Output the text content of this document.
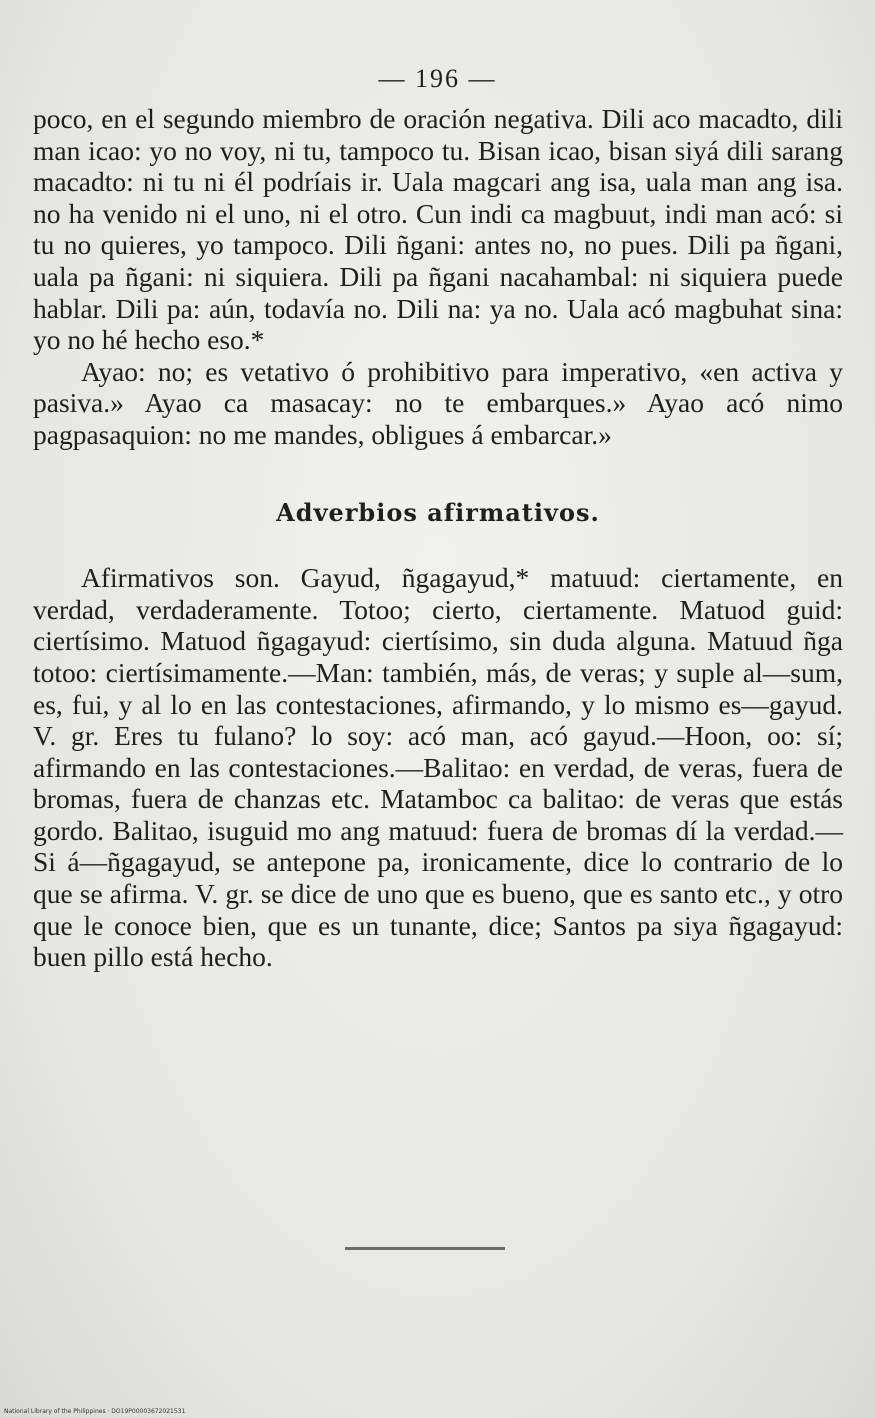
— 196 —

poco, en el segundo miembro de oración negativa. Dili aco macadto, dili man icao: yo no voy, ni tu, tampoco tu. Bisan icao, bisan siyá dili sarang macadto: ni tu ni él podríais ir. Uala magcari ang isa, uala man ang isa. no ha venido ni el uno, ni el otro. Cun indi ca magbuut, indi man acó: si tu no quieres, yo tampoco. Dili ñgani: antes no, no pues. Dili pa ñgani, uala pa ñgani: ni siquiera. Dili pa ñgani nacahambal: ni siquiera puede hablar. Dili pa: aún, todavía no. Dili na: ya no. Uala acó magbuhat sina: yo no hé hecho eso.*

Ayao: no; es vetativo ó prohibitivo para imperativo, «en activa y pasiva.» Ayao ca masacay: no te embarques.» Ayao acó nimo pagpasaquion: no me mandes, obligues á embarcar.»

Adverbios afirmativos.

Afirmativos son. Gayud, ñgagayud,* matuud: ciertamente, en verdad, verdaderamente. Totoo; cierto, ciertamente. Matuod guid: ciertísimo. Matuod ñgagayud: ciertísimo, sin duda alguna. Matuud ñga totoo: ciertísimamente.—Man: también, más, de veras; y suple al—sum, es, fui, y al lo en las contestaciones, afirmando, y lo mismo es—gayud. V. gr. Eres tu fulano? lo soy: acó man, acó gayud.—Hoon, oo: sí; afirmando en las contestaciones.—Balitao: en verdad, de veras, fuera de bromas, fuera de chanzas etc. Matamboc ca balitao: de veras que estás gordo. Balitao, isuguid mo ang matuud: fuera de bromas dí la verdad.—Si á—ñgagayud, se antepone pa, ironicamente, dice lo contrario de lo que se afirma. V. gr. se dice de uno que es bueno, que es santo etc., y otro que le conoce bien, que es un tunante, dice; Santos pa siya ñgagayud: buen pillo está hecho.

National Library of the Philippines · DO19P00003672021531
